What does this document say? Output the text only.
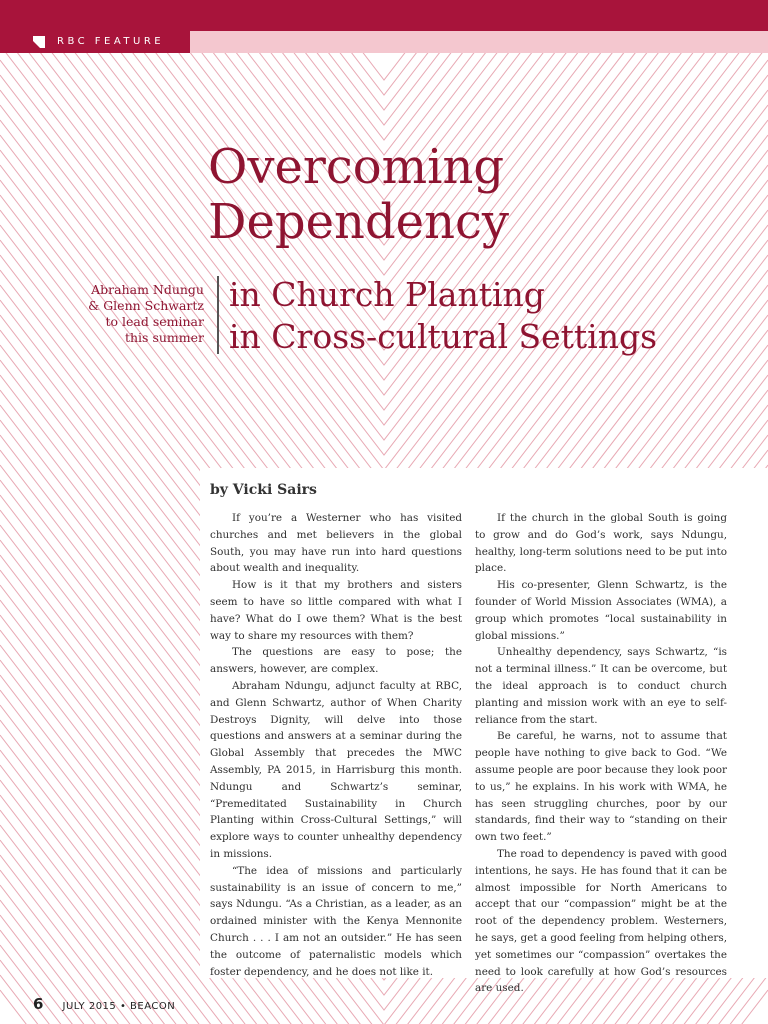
RBC FEATURE
Overcoming
Dependency
in Church Planting
in Cross-cultural Settings
Abraham Ndungu
& Glenn Schwartz
to lead seminar
this summer
by Vicki Sairs

If you’re a Westerner who has visited churches and met believers in the global South, you may have run into hard questions about wealth and inequality.

How is it that my brothers and sisters seem to have so little compared with what I have? What do I owe them? What is the best way to share my resources with them?

The questions are easy to pose; the answers, however, are complex.

Abraham Ndungu, adjunct faculty at RBC, and Glenn Schwartz, author of When Charity Destroys Dignity, will delve into those questions and answers at a seminar during the Global Assembly that precedes the MWC Assembly, PA 2015, in Harrisburg this month. Ndungu and Schwartz’s seminar, “Premeditated Sustainability in Church Planting within Cross-Cultural Settings,” will explore ways to counter unhealthy dependency in missions.

“The idea of missions and particularly sustainability is an issue of concern to me,” says Ndungu. “As a Christian, as a leader, as an ordained minister with the Kenya Mennonite Church . . . I am not an outsider.” He has seen the outcome of paternalistic models which foster dependency, and he does not like it.

If the church in the global South is going to grow and do God’s work, says Ndungu, healthy, long-term solutions need to be put into place.

His co-presenter, Glenn Schwartz, is the founder of World Mission Associates (WMA), a group which promotes “local sustainability in global missions.”

Unhealthy dependency, says Schwartz, “is not a terminal illness.” It can be overcome, but the ideal approach is to conduct church planting and mission work with an eye to self-reliance from the start.

Be careful, he warns, not to assume that people have nothing to give back to God. “We assume people are poor because they look poor to us,” he explains. In his work with WMA, he has seen struggling churches, poor by our standards, find their way to “standing on their own two feet.”

The road to dependency is paved with good intentions, he says. He has found that it can be almost impossible for North Americans to accept that our “compassion” might be at the root of the dependency problem. Westerners, he says, get a good feeling from helping others, yet sometimes our “compassion” overtakes the need to look carefully at how God’s resources are used.

6 JULY 2015 • BEACON
